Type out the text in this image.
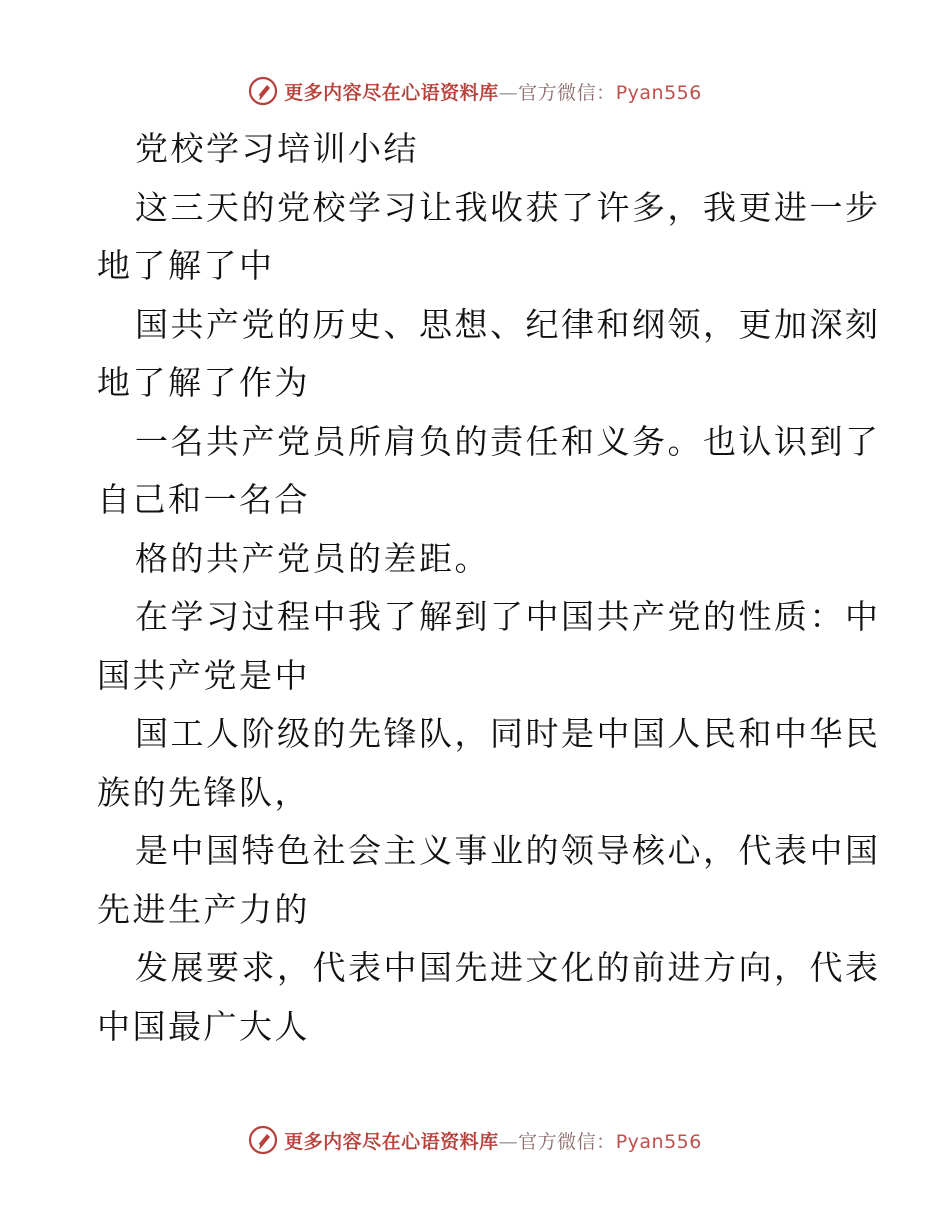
更多内容尽在心语资料库—官方微信：Pyan556
党校学习培训小结
这三天的党校学习让我收获了许多，我更进一步
地了解了中
国共产党的历史、思想、纪律和纲领，更加深刻
地了解了作为
一名共产党员所肩负的责任和义务。也认识到了
自己和一名合
格的共产党员的差距。
在学习过程中我了解到了中国共产党的性质：中
国共产党是中
国工人阶级的先锋队，同时是中国人民和中华民
族的先锋队，
是中国特色社会主义事业的领导核心，代表中国
先进生产力的
发展要求，代表中国先进文化的前进方向，代表
中国最广大人
更多内容尽在心语资料库—官方微信：Pyan556
